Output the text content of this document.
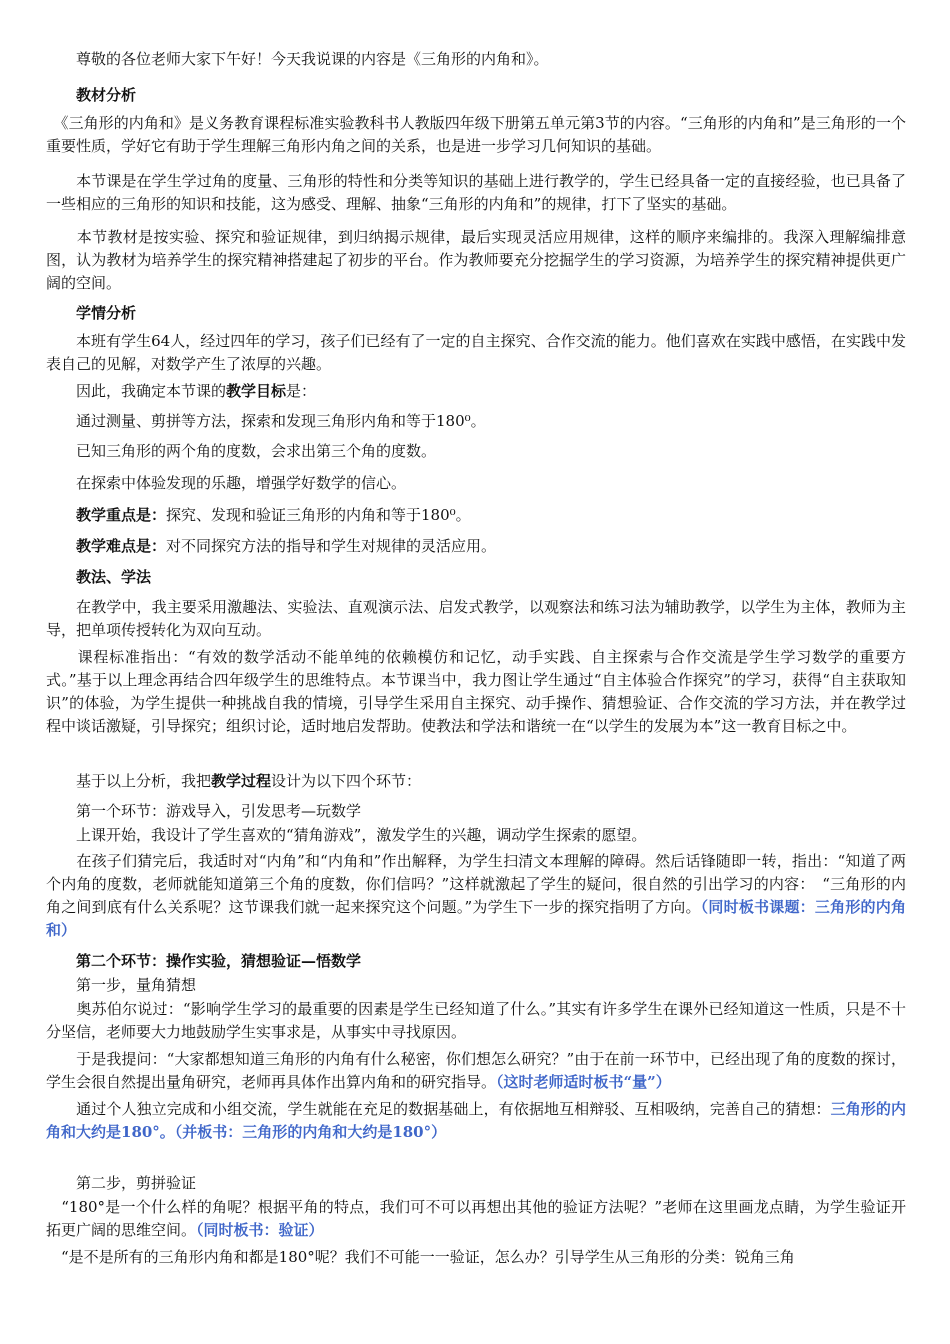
　　尊敬的各位老师大家下午好！今天我说课的内容是《三角形的内角和》。

　　教材分析

　《三角形的内角和》是义务教育课程标准实验教科书人教版四年级下册第五单元第3节的内容。“三角形的内角和”是三角形的一个重要性质，学好它有助于学生理解三角形内角之间的关系，也是进一步学习几何知识的基础。

　　本节课是在学生学过角的度量、三角形的特性和分类等知识的基础上进行教学的，学生已经具备一定的直接经验，也已具备了一些相应的三角形的知识和技能，这为感受、理解、抽象“三角形的内角和”的规律，打下了坚实的基础。

　　本节教材是按实验、探究和验证规律，到归纳揭示规律，最后实现灵活应用规律，这样的顺序来编排的。我深入理解编排意图，认为教材为培养学生的探究精神搭建起了初步的平台。作为教师要充分挖掘学生的学习资源，为培养学生的探究精神提供更广阔的空间。

　　学情分析

　　本班有学生64人，经过四年的学习，孩子们已经有了一定的自主探究、合作交流的能力。他们喜欢在实践中感悟，在实践中发表自己的见解，对数学产生了浓厚的兴趣。

　　因此，我确定本节课的教学目标是：

　　通过测量、剪拼等方法，探索和发现三角形内角和等于180⁰。

　　已知三角形的两个角的度数，会求出第三个角的度数。

　　在探索中体验发现的乐趣，增强学好数学的信心。

　　教学重点是：探究、发现和验证三角形的内角和等于180⁰。

　　教学难点是：对不同探究方法的指导和学生对规律的灵活应用。

　　教法、学法

　　在教学中，我主要采用激趣法、实验法、直观演示法、启发式教学，以观察法和练习法为辅助教学，以学生为主体，教师为主导，把单项传授转化为双向互动。

　　课程标准指出：“有效的数学活动不能单纯的依赖模仿和记忆，动手实践、自主探索与合作交流是学生学习数学的重要方式。”基于以上理念再结合四年级学生的思维特点。本节课当中，我力图让学生通过“自主体验合作探究”的学习，获得“自主获取知识”的体验，为学生提供一种挑战自我的情境，引导学生采用自主探究、动手操作、猜想验证、合作交流的学习方法，并在教学过程中谈话激疑，引导探究；组织讨论，适时地启发帮助。使教法和学法和谐统一在“以学生的发展为本”这一教育目标之中。

　　基于以上分析，我把教学过程设计为以下四个环节：

　　第一个环节：游戏导入，引发思考—玩数学

　　上课开始，我设计了学生喜欢的“猜角游戏”，激发学生的兴趣，调动学生探索的愿望。

　　在孩子们猜完后，我适时对“内角”和“内角和”作出解释，为学生扫清文本理解的障碍。然后话锋随即一转，指出：“知道了两个内角的度数，老师就能知道第三个角的度数，你们信吗？”这样就激起了学生的疑问，很自然的引出学习的内容：　“三角形的内角之间到底有什么关系呢？这节课我们就一起来探究这个问题。”为学生下一步的探究指明了方向。（同时板书课题：三角形的内角和）

　　第二个环节：操作实验，猜想验证—悟数学

　　第一步，量角猜想

　　奥苏伯尔说过：“影响学生学习的最重要的因素是学生已经知道了什么。”其实有许多学生在课外已经知道这一性质，只是不十分坚信，老师要大力地鼓励学生实事求是，从事实中寻找原因。

　　于是我提问：“大家都想知道三角形的内角有什么秘密，你们想怎么研究？”由于在前一环节中，已经出现了角的度数的探讨，学生会很自然提出量角研究，老师再具体作出算内角和的研究指导。（这时老师适时板书“量”）

　　通过个人独立完成和小组交流，学生就能在充足的数据基础上，有依据地互相辩驳、互相吸纳，完善自己的猜想：三角形的内角和大约是180°。（并板书：三角形的内角和大约是180°）

　　第二步，剪拼验证

　“180°是一个什么样的角呢？根据平角的特点，我们可不可以再想出其他的验证方法呢？”老师在这里画龙点睛，为学生验证开拓更广阔的思维空间。（同时板书：验证）

　“是不是所有的三角形内角和都是180°呢？我们不可能一一验证，怎么办？引导学生从三角形的分类：锐角三角
